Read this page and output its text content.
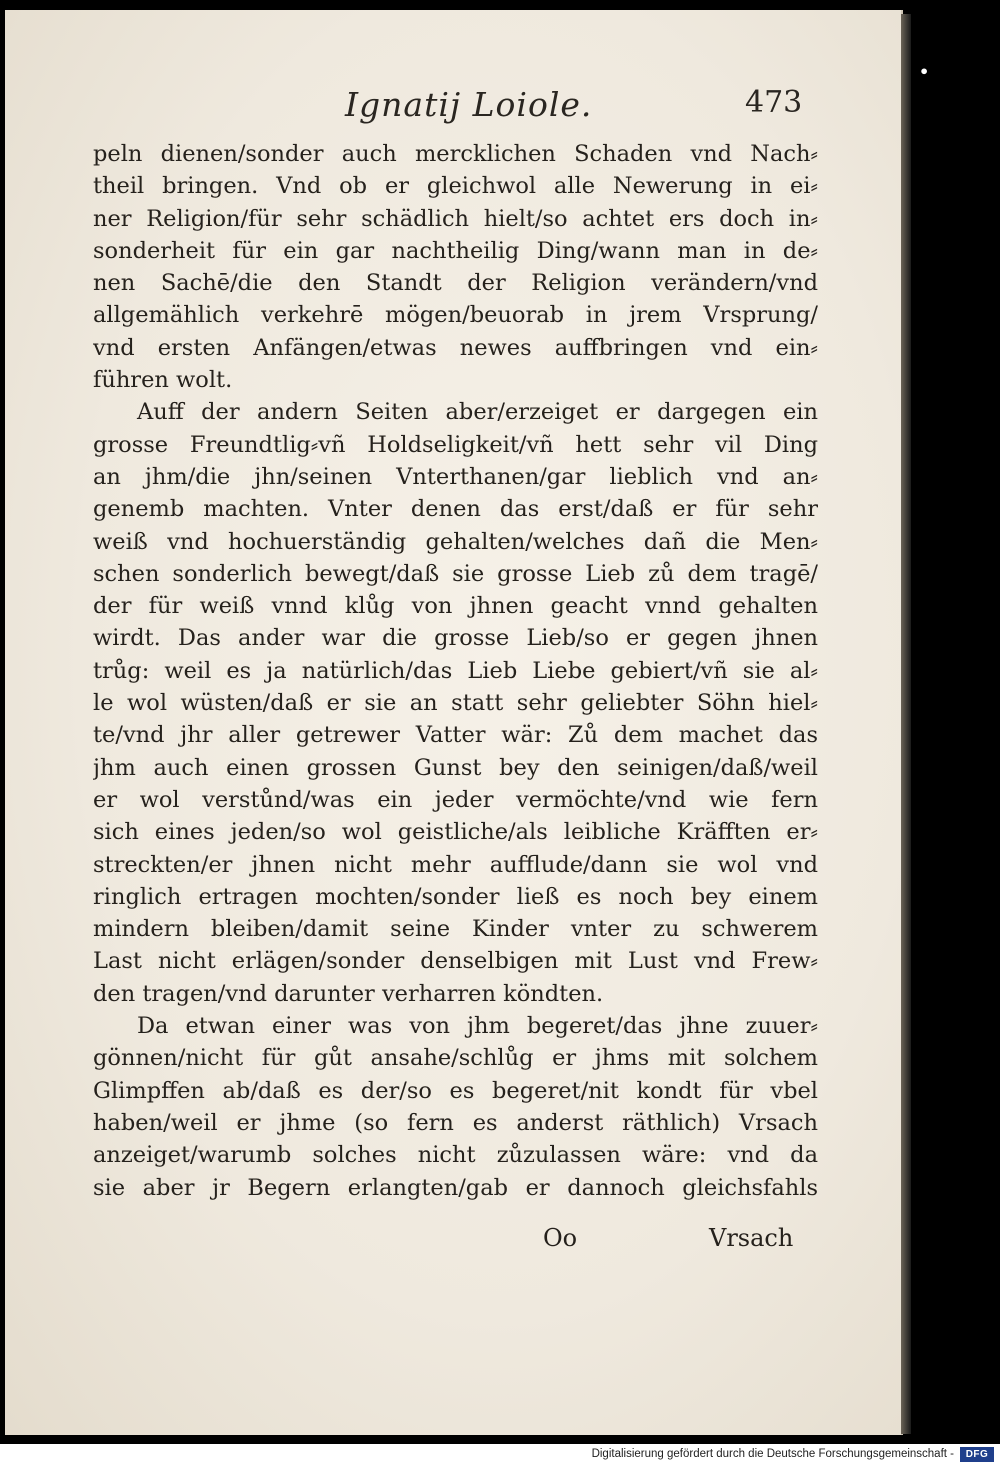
Ignatij Loiole.	473
peln dienen/sonder auch mercklichen Schaden vnd Nach⸗
theil bringen. Vnd ob er gleichwol alle Newerung in ei⸗
ner Religion/für sehr schädlich hielt/so achtet ers doch in⸗
sonderheit für ein gar nachtheilig Ding/wann man in de⸗
nen Sachē/die den Standt der Religion verändern/vnd
allgemählich verkehrē mögen/beuorab in jrem Vrsprung/
vnd ersten Anfängen/etwas newes auffbringen vnd ein⸗
führen wolt.
Auff der andern Seiten aber/erzeiget er dargegen ein
grosse Freundtlig⸗vñ Holdseligkeit/vñ hett sehr vil Ding
an jhm/die jhn/seinen Vnterthanen/gar lieblich vnd an⸗
genemb machten. Vnter denen das erst/daß er für sehr
weiß vnd hochuerständig gehalten/welches dañ die Men⸗
schen sonderlich bewegt/daß sie grosse Lieb zů dem tragē/
der für weiß vnnd klůg von jhnen geacht vnnd gehalten
wirdt. Das ander war die grosse Lieb/so er gegen jhnen
trůg: weil es ja natürlich/das Lieb Liebe gebiert/vñ sie al⸗
le wol wüsten/daß er sie an statt sehr geliebter Söhn hiel⸗
te/vnd jhr aller getrewer Vatter wär: Zů dem machet das
jhm auch einen grossen Gunst bey den seinigen/daß/weil
er wol verstůnd/was ein jeder vermöchte/vnd wie fern
sich eines jeden/so wol geistliche/als leibliche Kräfften er⸗
streckten/er jhnen nicht mehr aufflude/dann sie wol vnd
ringlich ertragen mochten/sonder ließ es noch bey einem
mindern bleiben/damit seine Kinder vnter zu schwerem
Last nicht erlägen/sonder denselbigen mit Lust vnd Frew⸗
den tragen/vnd darunter verharren köndten.
Da etwan einer was von jhm begeret/das jhne zuuer⸗
gönnen/nicht für gůt ansahe/schlůg er jhms mit solchem
Glimpffen ab/daß es der/so es begeret/nit kondt für vbel
haben/weil er jhme (so fern es anderst räthlich) Vrsach
anzeiget/warumb solches nicht zůzulassen wäre: vnd da
sie aber jr Begern erlangten/gab er dannoch gleichsfahls
Oo	Vrsach
•
Digitalisierung gefördert durch die Deutsche Forschungsgemeinschaft -	DFG
